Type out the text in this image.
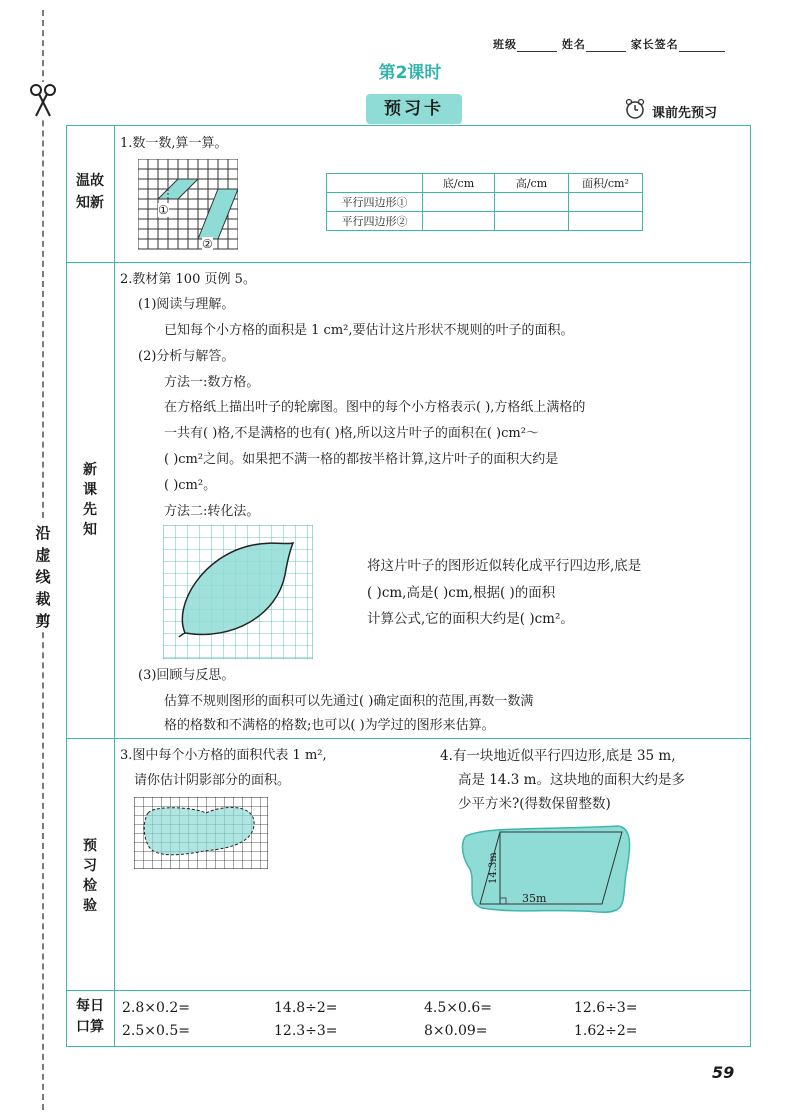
沿
虚
线
裁
剪
班级	姓名	家长签名
第2课时
预习卡	课前先预习
温故
知新
新
课
先
知
预
习
检
验
每日
口算
1.数一数,算一算。
①
②
	底/cm	高/cm	面积/cm²
平行四边形①			
平行四边形②			
2.教材第 100 页例 5。
(1)阅读与理解。
已知每个小方格的面积是 1 cm²,要估计这片形状不规则的叶子的面积。
(2)分析与解答。
方法一:数方格。
在方格纸上描出叶子的轮廓图。图中的每个小方格表示( ),方格纸上满格的
一共有( )格,不是满格的也有( )格,所以这片叶子的面积在( )cm²～
( )cm²之间。如果把不满一格的都按半格计算,这片叶子的面积大约是
( )cm²。
方法二:转化法。
将这片叶子的图形近似转化成平行四边形,底是
( )cm,高是( )cm,根据( )的面积
计算公式,它的面积大约是( )cm²。
(3)回顾与反思。
估算不规则图形的面积可以先通过( )确定面积的范围,再数一数满
格的格数和不满格的格数;也可以( )为学过的图形来估算。
3.图中每个小方格的面积代表 1 m²,
请你估计阴影部分的面积。
4.有一块地近似平行四边形,底是 35 m,
高是 14.3 m。这块地的面积大约是多
少平方米?(得数保留整数)
14.3m
35m
2.8×0.2=	14.8÷2=	4.5×0.6=	12.6÷3=
2.5×0.5=	12.3÷3=	8×0.09=	1.62÷2=
59
